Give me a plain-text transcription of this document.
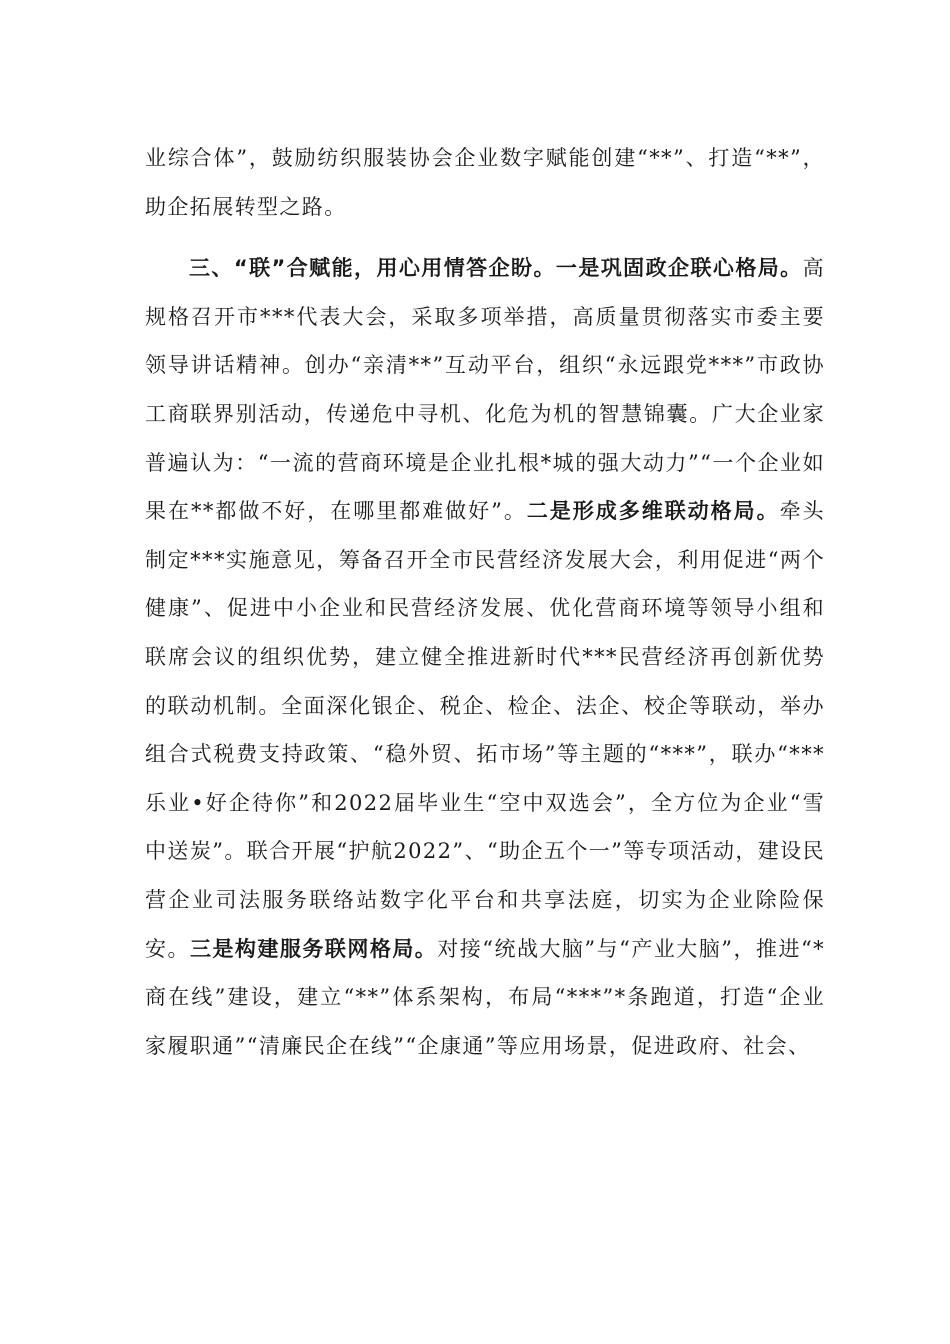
业综合体”，鼓励纺织服装协会企业数字赋能创建“**”、打造“**”，助企拓展转型之路。

三、“联”合赋能，用心用情答企盼。一是巩固政企联心格局。高规格召开市***代表大会，采取多项举措，高质量贯彻落实市委主要领导讲话精神。创办“亲清**”互动平台，组织“永远跟党***”市政协工商联界别活动，传递危中寻机、化危为机的智慧锦囊。广大企业家普遍认为：“一流的营商环境是企业扎根*城的强大动力”“一个企业如果在**都做不好，在哪里都难做好”。二是形成多维联动格局。牵头制定***实施意见，筹备召开全市民营经济发展大会，利用促进“两个健康”、促进中小企业和民营经济发展、优化营商环境等领导小组和联席会议的组织优势，建立健全推进新时代***民营经济再创新优势的联动机制。全面深化银企、税企、检企、法企、校企等联动，举办组合式税费支持政策、“稳外贸、拓市场”等主题的“***”，联办“***乐业•好企待你”和2022届毕业生“空中双选会”，全方位为企业“雪中送炭”。联合开展“护航2022”、“助企五个一”等专项活动，建设民营企业司法服务联络站数字化平台和共享法庭，切实为企业除险保安。三是构建服务联网格局。对接“统战大脑”与“产业大脑”，推进“*商在线”建设，建立“**”体系架构，布局“***”*条跑道，打造“企业家履职通”“清廉民企在线”“企康通”等应用场景，促进政府、社会、
